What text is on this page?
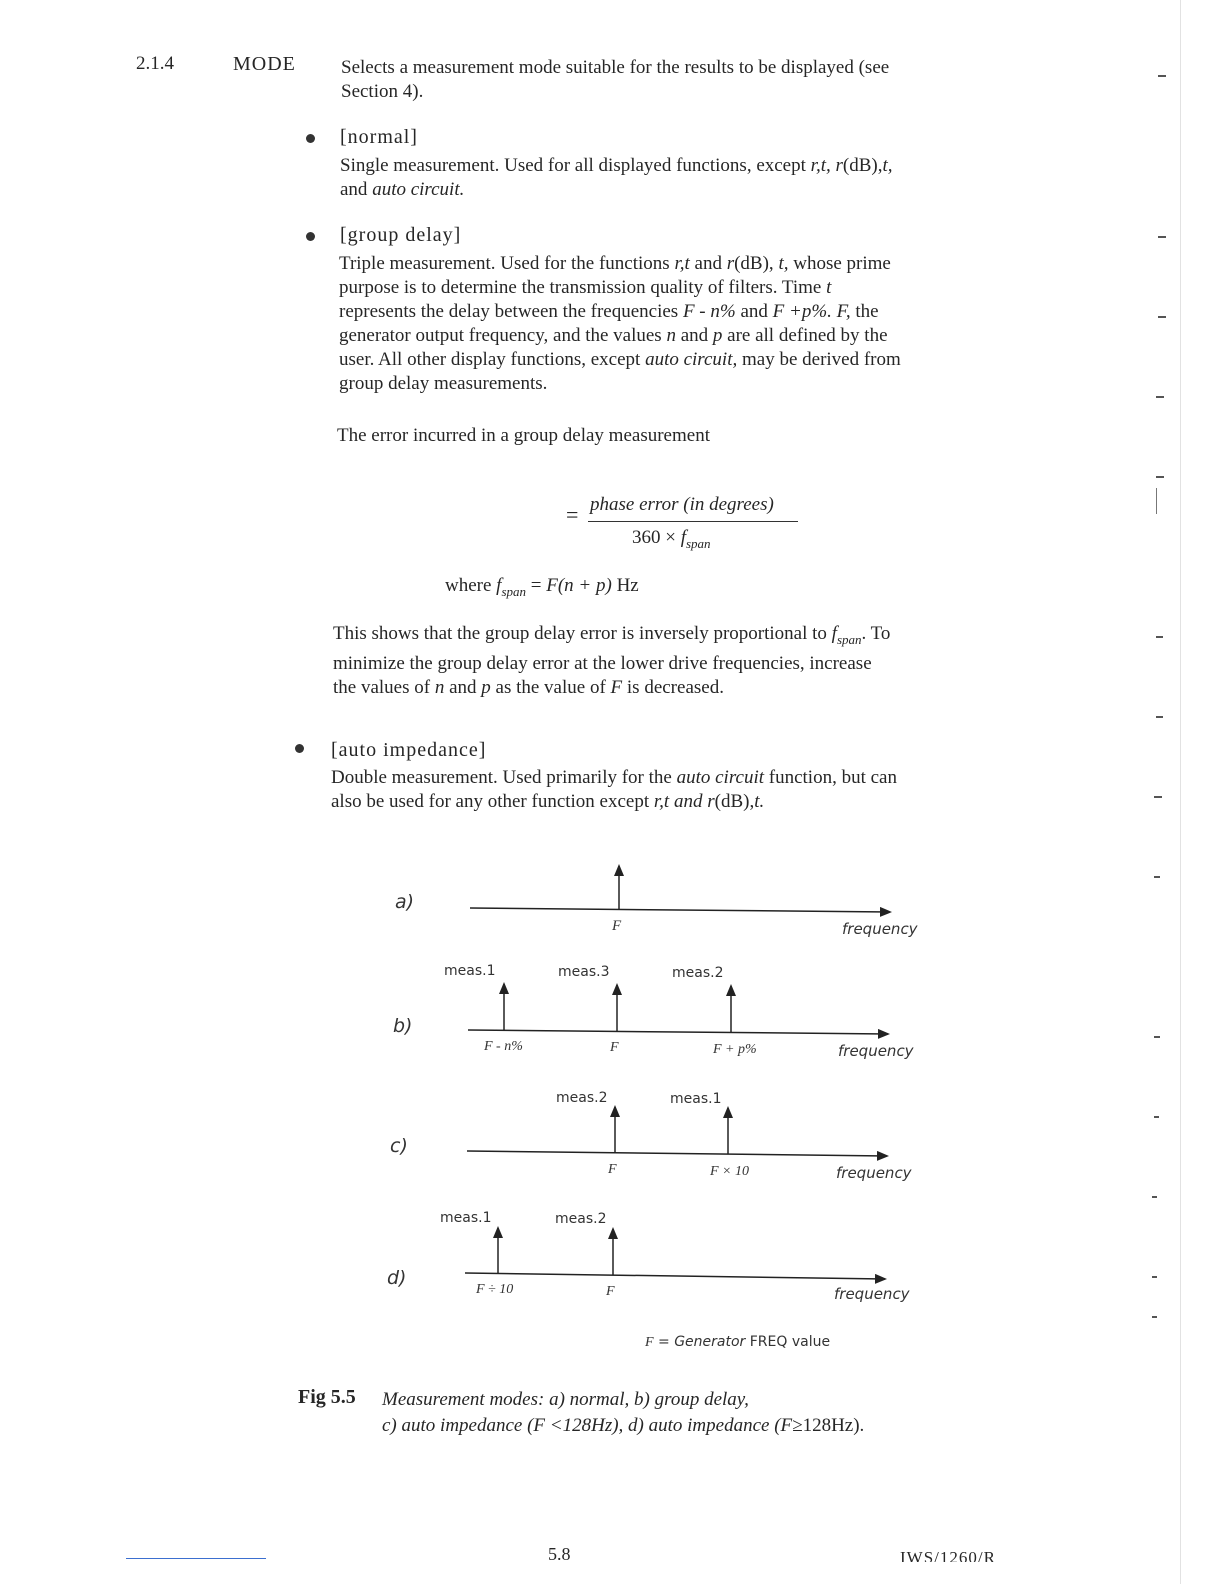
2.1.4	MODE Selects a measurement mode suitable for the results to be displayed (see
Section 4).
[normal]
Single measurement. Used for all displayed functions, except r,t, r(dB),t,
and auto circuit.
[group delay]
Triple measurement. Used for the functions r,t and r(dB), t, whose prime
purpose is to determine the transmission quality of filters. Time t
represents the delay between the frequencies F - n% and F +p%. F, the
generator output frequency, and the values n and p are all defined by the
user. All other display functions, except auto circuit, may be derived from
group delay measurements.
The error incurred in a group delay measurement
= phase error (in degrees)
$360 \times f_{span}$
where $f_{span} = F(n + p)$ Hz
This shows that the group delay error is inversely proportional to $f_{span}$. To
minimize the group delay error at the lower drive frequencies, increase
the values of n and p as the value of F is decreased.
[auto impedance]
Double measurement. Used primarily for the auto circuit function, but can
also be used for any other function except r,t and r(dB),t.
a)
F	frequency
b)
meas.1	meas.3	meas.2
F - n%	F	F + p%	frequency
c)
meas.2	meas.1
F	F × 10	frequency
d)
meas.1	meas.2
F ÷ 10	F	frequency
F = Generator FREQ value
Fig 5.5 Measurement modes: a) normal, b) group delay,
c) auto impedance (F <128Hz), d) auto impedance (F≥128Hz).
5.8	IWS/1260/R
